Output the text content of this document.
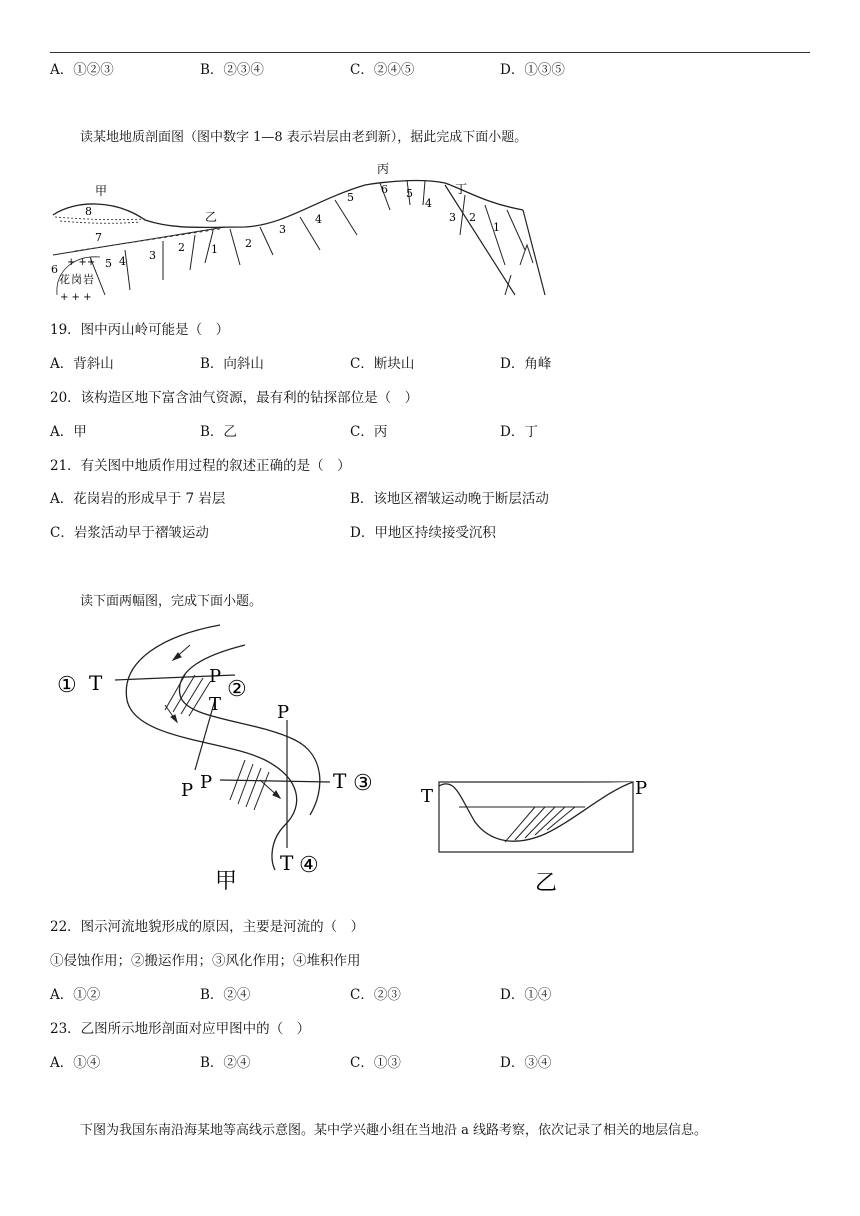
A．①②③	B．②③④	C．②④⑤	D．①③⑤
读某地地质剖面图（图中数字 1—8 表示岩层由老到新），据此完成下面小题。
甲
乙
丙
丁
花岗岩
+ ++
+ + +
8
7
6	5 4 3
2 1 2
3
4
5
6 5
4
3 2
1
19．图中丙山岭可能是（　）
A．背斜山	B．向斜山	C．断块山	D．角峰
20．该构造区地下富含油气资源，最有利的钻探部位是（　）
A．甲	B．乙	C．丙	D．丁
21．有关图中地质作用过程的叙述正确的是（　）
A．花岗岩的形成早于 7 岩层	B．该地区褶皱运动晚于断层活动
C．岩浆活动早于褶皱运动	D．甲地区持续接受沉积
读下面两幅图，完成下面小题。
① T	P
②
T
P P	T ③
P
T ④
甲
T	P
乙
22．图示河流地貌形成的原因，主要是河流的（　）
①侵蚀作用；②搬运作用；③风化作用；④堆积作用
A．①②	B．②④	C．②③	D．①④
23．乙图所示地形剖面对应甲图中的（　）
A．①④	B．②④	C．①③	D．③④
下图为我国东南沿海某地等高线示意图。某中学兴趣小组在当地沿 a 线路考察，依次记录了相关的地层信息。
